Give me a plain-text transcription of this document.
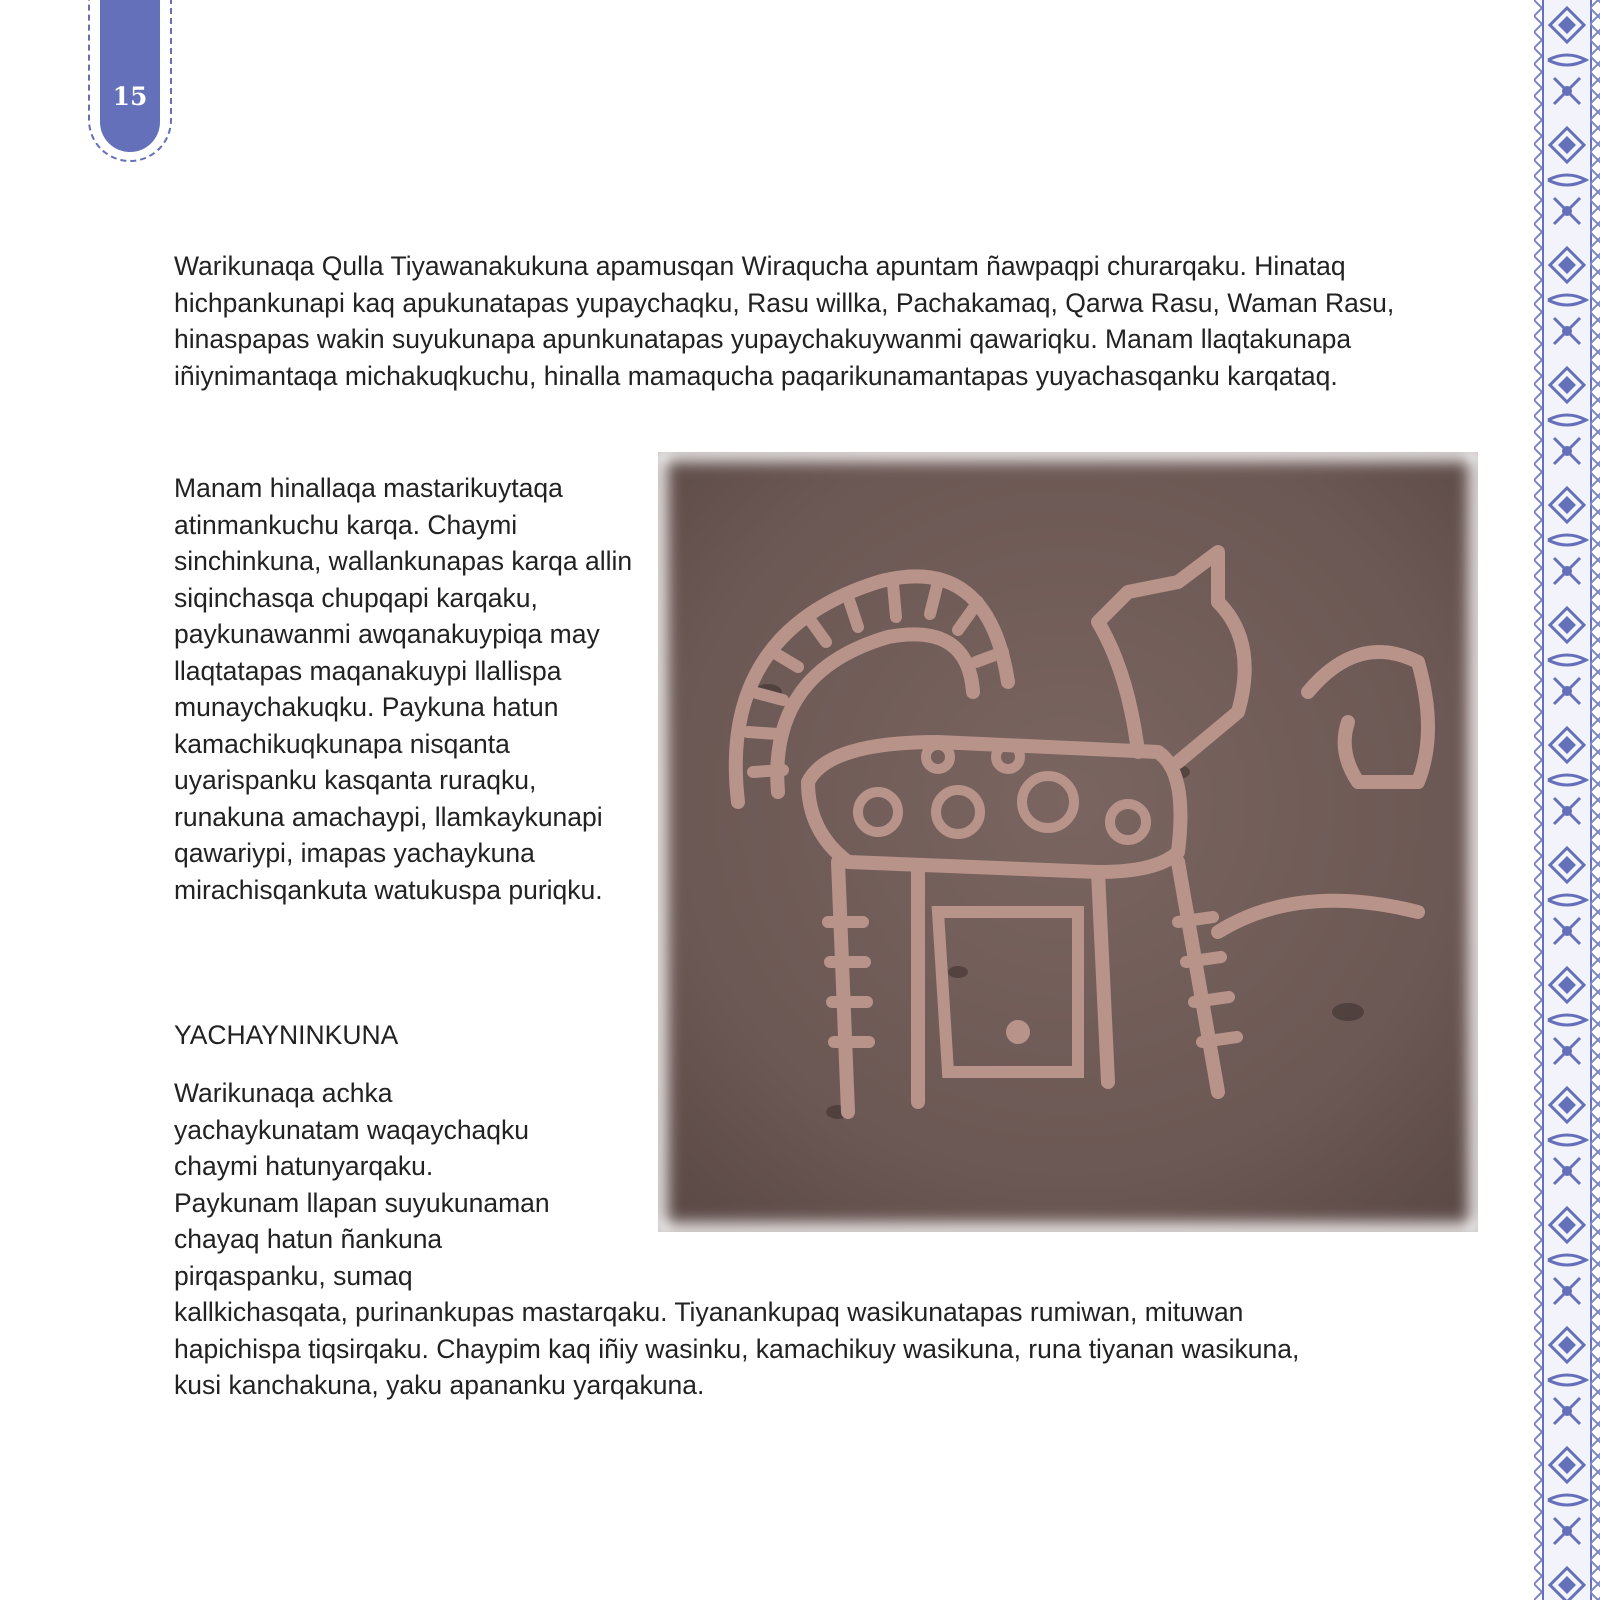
15

Warikunaqa Qulla Tiyawanakukuna apamusqan Wiraqucha apuntam ñawpaqpi churarqaku. Hinataq hichpankunapi kaq apukunatapas yupaychaqku, Rasu willka, Pachakamaq, Qarwa Rasu, Waman Rasu, hinaspapas wakin suyukunapa apunkunatapas yupaychakuywanmi qawariqku. Manam llaqtakunapa iñiynimantaqa michakuqkuchu, hinalla mamaqucha paqarikunamantapas yuyachasqanku karqataq.

Manam hinallaqa mastarikuytaqa atinmankuchu karqa. Chaymi sinchinkuna, wallankunapas karqa allin siqinchasqa chupqapi karqaku, paykunawanmi awqanakuypiqa may llaqtatapas maqanakuypi llallispa munaychakuqku. Paykuna hatun kamachikuqkunapa nisqanta uyarispanku kasqanta ruraqku, runakuna amachaypi, llamkaykunapi qawariypi, imapas yachaykuna mirachisqankuta watukuspa puriqku.

YACHAYNINKUNA
Warikunaqa achka
yachaykunatam waqaychaqku
chaymi hatunyarqaku.
Paykunam llapan suyukunaman
chayaq hatun ñankuna
pirqaspanku, sumaq
kallkichasqata, purinankupas mastarqaku. Tiyanankupaq wasikunatapas rumiwan, mituwan
hapichispa tiqsirqaku. Chaypim kaq iñiy wasinku, kamachikuy wasikuna, runa tiyanan wasikuna,
kusi kanchakuna, yaku apananku yarqakuna.
